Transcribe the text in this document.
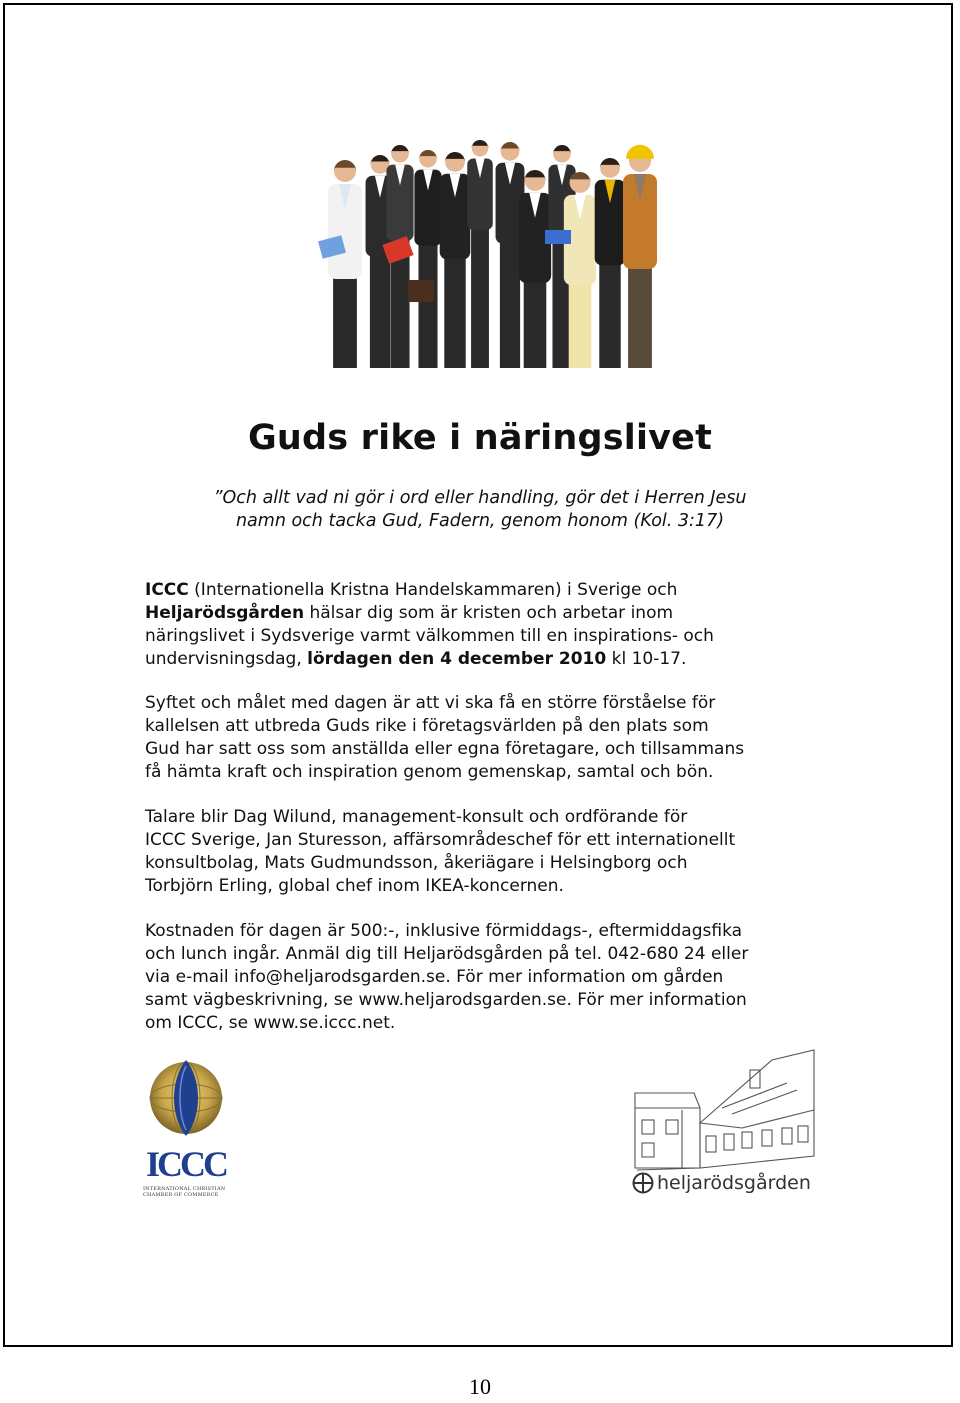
Guds rike i näringslivet

”Och allt vad ni gör i ord eller handling, gör det i Herren Jesu
namn och tacka Gud, Fadern, genom honom (Kol. 3:17)

ICCC (Internationella Kristna Handelskammaren) i Sverige och
Heljarödsgården hälsar dig som är kristen och arbetar inom
näringslivet i Sydsverige varmt välkommen till en inspirations- och
undervisningsdag, lördagen den 4 december 2010 kl 10-17.

Syftet och målet med dagen är att vi ska få en större förståelse för
kallelsen att utbreda Guds rike i företagsvärlden på den plats som
Gud har satt oss som anställda eller egna företagare, och tillsammans
få hämta kraft och inspiration genom gemenskap, samtal och bön.

Talare blir Dag Wilund, management-konsult och ordförande för
ICCC Sverige, Jan Sturesson, affärsområdeschef för ett internationellt
konsultbolag, Mats Gudmundsson, åkeriägare i Helsingborg och
Torbjörn Erling, global chef inom IKEA-koncernen.

Kostnaden för dagen är 500:-, inklusive förmiddags-, eftermiddagsfika
och lunch ingår. Anmäl dig till Heljarödsgården på tel. 042-680 24 eller
via e-mail info@heljarodsgarden.se. För mer information om gården
samt vägbeskrivning, se www.heljarodsgarden.se. För mer information
om ICCC, se www.se.iccc.net.

ICCC
INTERNATIONAL CHRISTIAN
CHAMBER OF COMMERCE
heljarödsgården
10
